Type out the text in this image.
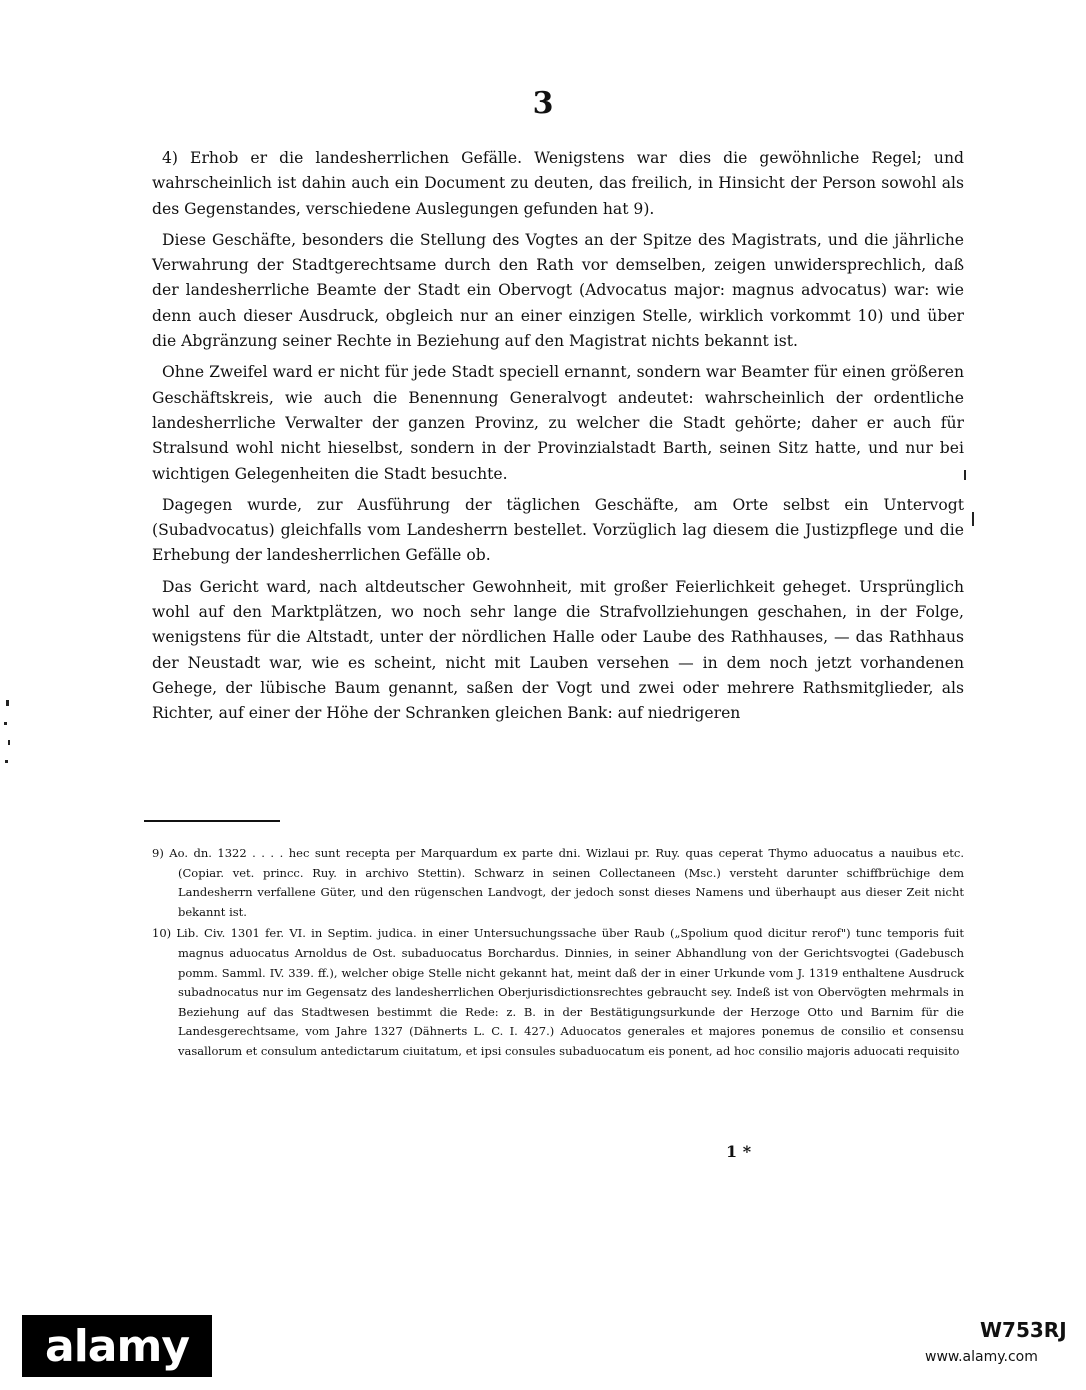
3

4) Erhob er die landesherrlichen Gefälle. Wenigstens war dies die gewöhnliche Regel; und wahrscheinlich ist dahin auch ein Document zu deuten, das freilich, in Hinsicht der Person sowohl als des Gegenstandes, verschiedene Auslegungen gefunden hat 9).

Diese Geschäfte, besonders die Stellung des Vogtes an der Spitze des Magistrats, und die jährliche Verwahrung der Stadtgerechtsame durch den Rath vor demselben, zeigen unwidersprechlich, daß der landesherrliche Beamte der Stadt ein Obervogt (Advocatus major: magnus advocatus) war: wie denn auch dieser Ausdruck, obgleich nur an einer einzigen Stelle, wirklich vorkommt 10) und über die Abgränzung seiner Rechte in Beziehung auf den Magistrat nichts bekannt ist.

Ohne Zweifel ward er nicht für jede Stadt speciell ernannt, sondern war Beamter für einen größeren Geschäftskreis, wie auch die Benennung Generalvogt andeutet: wahrscheinlich der ordentliche landesherrliche Verwalter der ganzen Provinz, zu welcher die Stadt gehörte; daher er auch für Stralsund wohl nicht hieselbst, sondern in der Provinzialstadt Barth, seinen Sitz hatte, und nur bei wichtigen Gelegenheiten die Stadt besuchte.

Dagegen wurde, zur Ausführung der täglichen Geschäfte, am Orte selbst ein Untervogt (Subadvocatus) gleichfalls vom Landesherrn bestellet. Vorzüglich lag diesem die Justizpflege und die Erhebung der landesherrlichen Gefälle ob.

Das Gericht ward, nach altdeutscher Gewohnheit, mit großer Feierlichkeit geheget. Ursprünglich wohl auf den Marktplätzen, wo noch sehr lange die Strafvollziehungen geschahen, in der Folge, wenigstens für die Altstadt, unter der nördlichen Halle oder Laube des Rathhauses, — das Rathhaus der Neustadt war, wie es scheint, nicht mit Lauben versehen — in dem noch jetzt vorhandenen Gehege, der lübische Baum genannt, saßen der Vogt und zwei oder mehrere Rathsmitglieder, als Richter, auf einer der Höhe der Schranken gleichen Bank: auf niedrigeren

9) Ao. dn. 1322 . . . . hec sunt recepta per Marquardum ex parte dni. Wizlaui pr. Ruy. quas ceperat Thymo aduocatus a nauibus etc. (Copiar. vet. princc. Ruy. in archivo Stettin). Schwarz in seinen Collectaneen (Msc.) versteht darunter schiffbrüchige dem Landesherrn verfallene Güter, und den rügenschen Landvogt, der jedoch sonst dieses Namens und überhaupt aus dieser Zeit nicht bekannt ist.

10) Lib. Civ. 1301 fer. VI. in Septim. judica. in einer Untersuchungssache über Raub („Spolium quod dicitur rerof") tunc temporis fuit magnus aduocatus Arnoldus de Ost. subaduocatus Borchardus. Dinnies, in seiner Abhandlung von der Gerichtsvogtei (Gadebusch pomm. Samml. IV. 339. ff.), welcher obige Stelle nicht gekannt hat, meint daß der in einer Urkunde vom J. 1319 enthaltene Ausdruck subadnocatus nur im Gegensatz des landesherrlichen Oberjurisdictionsrechtes gebraucht sey. Indeß ist von Obervögten mehrmals in Beziehung auf das Stadtwesen bestimmt die Rede: z. B. in der Bestätigungsurkunde der Herzoge Otto und Barnim für die Landesgerechtsame, vom Jahre 1327 (Dähnerts L. C. I. 427.) Aduocatos generales et majores ponemus de consilio et consensu vasallorum et consulum antedictarum ciuitatum, et ipsi consules subaduocatum eis ponent, ad hoc consilio majoris aduocati requisito

1 *
alamy	W753RJ
www.alamy.com
